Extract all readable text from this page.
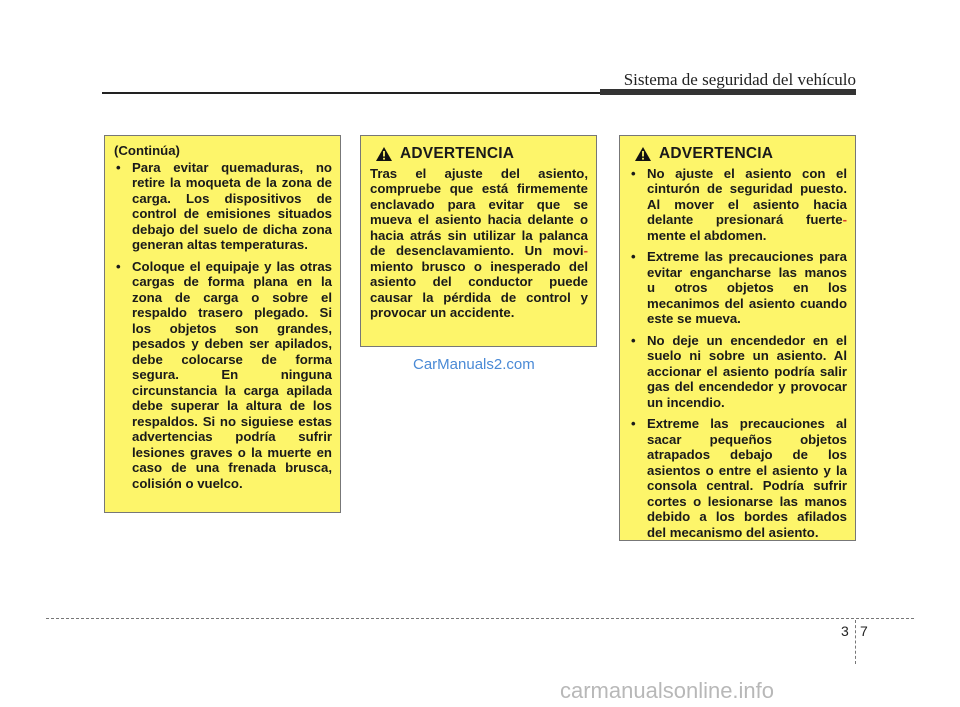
Sistema de seguridad del vehículo
(Continúa)
• Para evitar quemaduras, no retire la moqueta de la zona de carga. Los dispositivos de control de emisiones situados debajo del suelo de dicha zona generan altas temperaturas.
• Coloque el equipaje y las otras cargas de forma plana en la zona de carga o sobre el respaldo trasero plegado. Si los objetos son grandes, pesados y deben ser apilados, debe colocarse de forma segura. En ninguna circunstancia la carga apilada debe superar la altura de los respaldos. Si no siguiese estas advertencias podría sufrir lesiones graves o la muerte en caso de una frenada brusca, colisión o vuelco.
ADVERTENCIA
Tras el ajuste del asiento, compruebe que está firmemente enclavado para evitar que se mueva el asiento hacia delante o hacia atrás sin utilizar la palanca de desenclavamiento. Un movi- miento brusco o inesperado del asiento del conductor puede causar la pérdida de control y provocar un accidente.
ADVERTENCIA
• No ajuste el asiento con el cinturón de seguridad puesto. Al mover el asiento hacia delante presionará fuerte- mente el abdomen.
• Extreme las precauciones para evitar engancharse las manos u otros objetos en los mecanimos del asiento cuando este se mueva.
• No deje un encendedor en el suelo ni sobre un asiento. Al accionar el asiento podría salir gas del encendedor y provocar un incendio.
• Extreme las precauciones al sacar pequeños objetos atrapados debajo de los asientos o entre el asiento y la consola central. Podría sufrir cortes o lesionarse las manos debido a los bordes afilados del mecanismo del asiento.
CarManuals2.com
3 7
carmanualsonline.info
